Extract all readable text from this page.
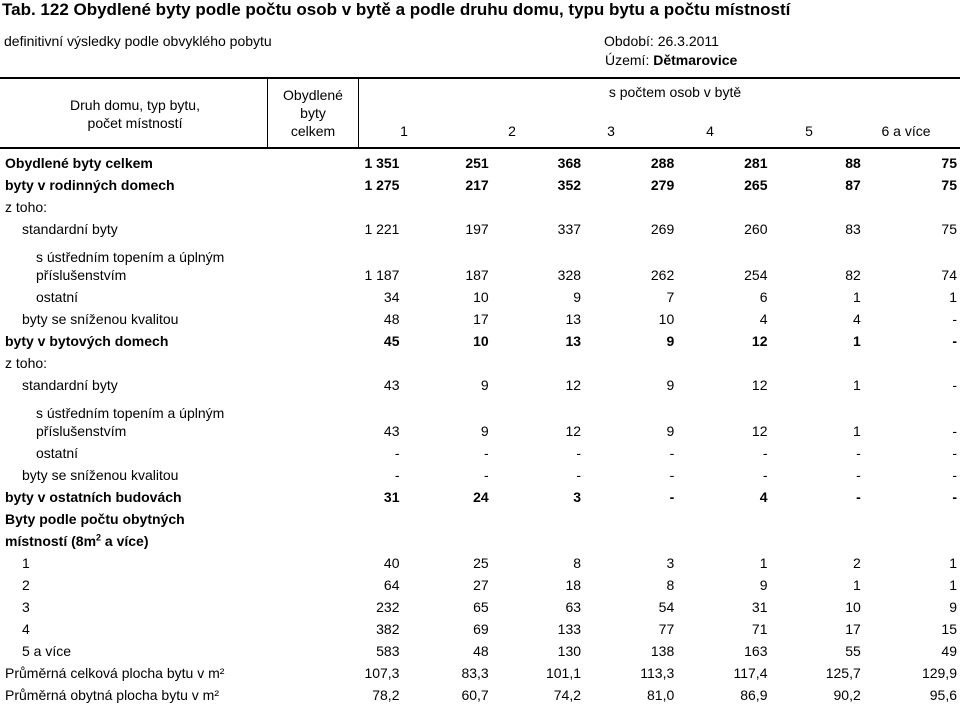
Tab. 122 Obydlené byty podle počtu osob v bytě a podle druhu domu, typu bytu a počtu místností
definitivní výsledky podle obvyklého pobytu	Období: 26.3.2011
Území: Dětmarovice
Druh domu, typ bytu,
počet místností
Obydlené
byty
celkem
s počtem osob v bytě
1	2	3	4	5	6 a více
Obydlené byty celkem	1 351	251	368	288	281	88	75
byty v rodinných domech	1 275	217	352	279	265	87	75
z toho:							
standardní byty	1 221	197	337	269	260	83	75
s ústředním topením a úplným
příslušenstvím	1 187	187	328	262	254	82	74
ostatní	34	10	9	7	6	1	1
byty se sníženou kvalitou	48	17	13	10	4	4	-
byty v bytových domech	45	10	13	9	12	1	-
z toho:							
standardní byty	43	9	12	9	12	1	-
s ústředním topením a úplným
příslušenstvím	43	9	12	9	12	1	-
ostatní	-	-	-	-	-	-	-
byty se sníženou kvalitou	-	-	-	-	-	-	-
byty v ostatních budovách	31	24	3	-	4	-	-
Byty podle počtu obytných							
místností ($8m^2$ a více)							
1	40	25	8	3	1	2	1
2	64	27	18	8	9	1	1
3	232	65	63	54	31	10	9
4	382	69	133	77	71	17	15
5 a více	583	48	130	138	163	55	49
Průměrná celková plocha bytu v m²	107,3	83,3	101,1	113,3	117,4	125,7	129,9
Průměrná obytná plocha bytu v m²	78,2	60,7	74,2	81,0	86,9	90,2	95,6
